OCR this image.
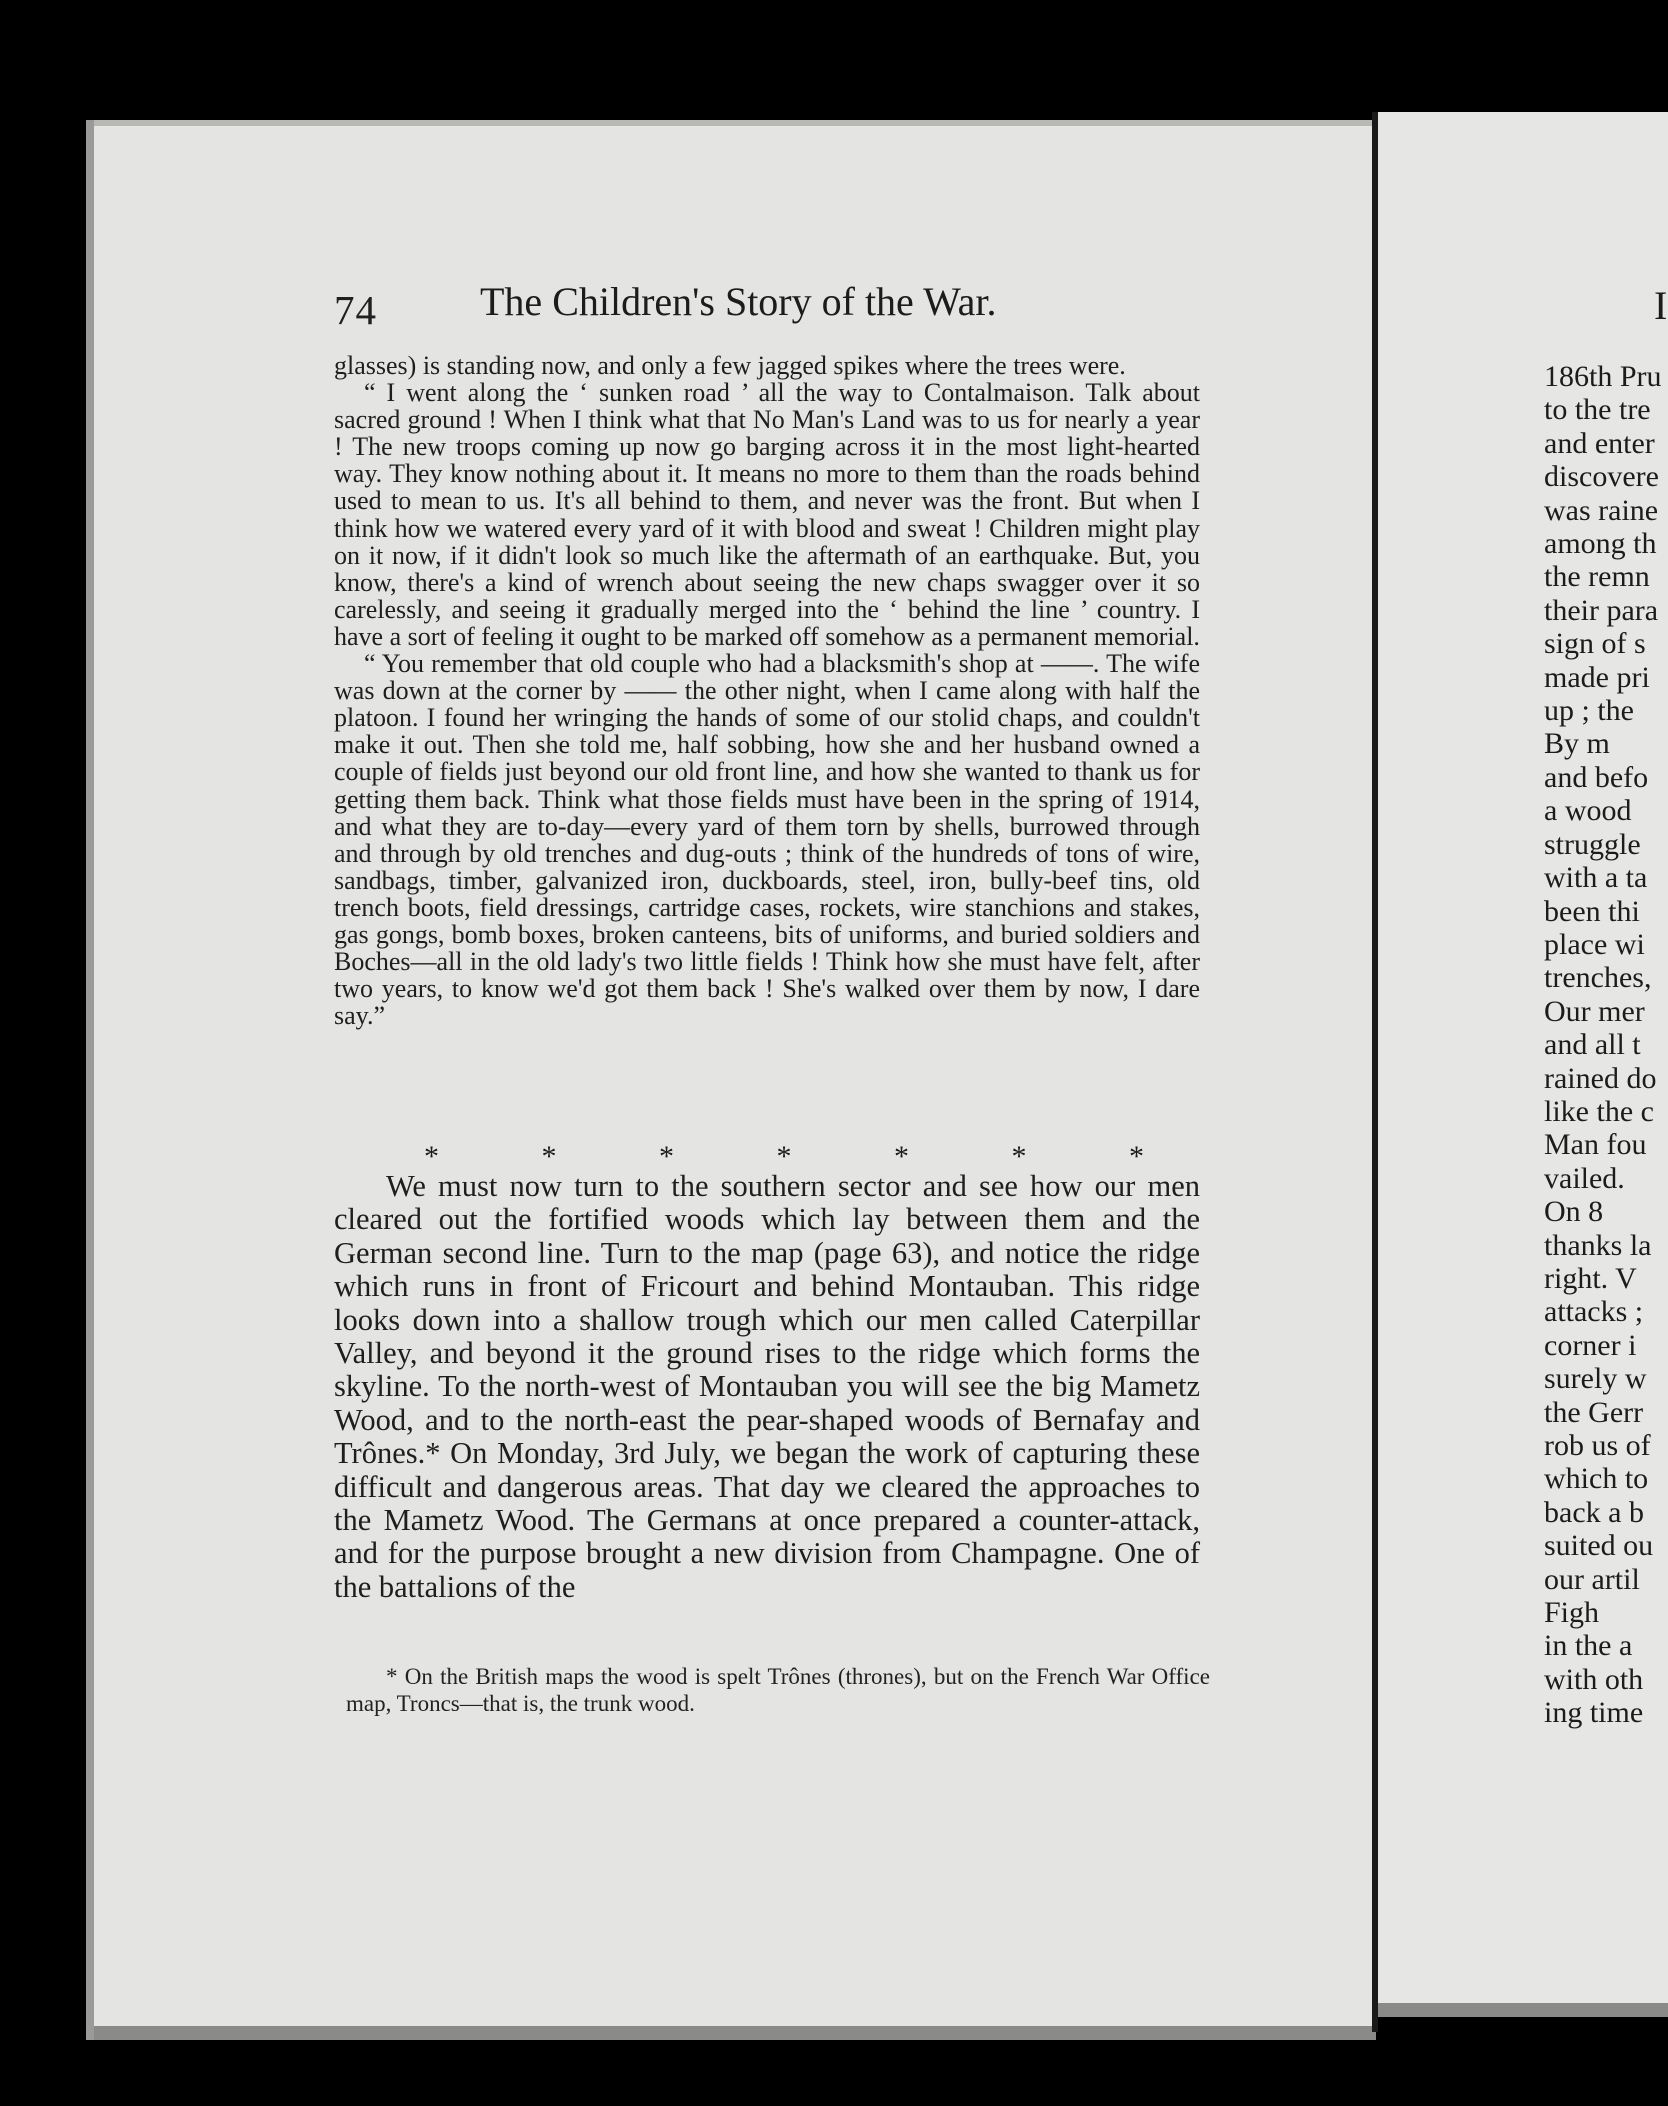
74	The Children's Story of the War.

glasses) is standing now, and only a few jagged spikes where the trees were.

“ I went along the ‘ sunken road ’ all the way to Contalmaison. Talk about sacred ground ! When I think what that No Man's Land was to us for nearly a year ! The new troops coming up now go barging across it in the most light-hearted way. They know nothing about it. It means no more to them than the roads behind used to mean to us. It's all behind to them, and never was the front. But when I think how we watered every yard of it with blood and sweat ! Children might play on it now, if it didn't look so much like the aftermath of an earthquake. But, you know, there's a kind of wrench about seeing the new chaps swagger over it so carelessly, and seeing it gradually merged into the ‘ behind the line ’ country. I have a sort of feeling it ought to be marked off somehow as a permanent memorial.

“ You remember that old couple who had a blacksmith's shop at ——. The wife was down at the corner by —— the other night, when I came along with half the platoon. I found her wringing the hands of some of our stolid chaps, and couldn't make it out. Then she told me, half sobbing, how she and her husband owned a couple of fields just beyond our old front line, and how she wanted to thank us for getting them back. Think what those fields must have been in the spring of 1914, and what they are to-day—every yard of them torn by shells, burrowed through and through by old trenches and dug-outs ; think of the hundreds of tons of wire, sandbags, timber, galvanized iron, duckboards, steel, iron, bully-beef tins, old trench boots, field dressings, cartridge cases, rockets, wire stanchions and stakes, gas gongs, bomb boxes, broken canteens, bits of uniforms, and buried soldiers and Boches—all in the old lady's two little fields ! Think how she must have felt, after two years, to know we'd got them back ! She's walked over them by now, I dare say.”

*	*	*	*	*	*	*

We must now turn to the southern sector and see how our men cleared out the fortified woods which lay between them and the German second line. Turn to the map (page 63), and notice the ridge which runs in front of Fricourt and behind Montauban. This ridge looks down into a shallow trough which our men called Caterpillar Valley, and beyond it the ground rises to the ridge which forms the skyline. To the north-west of Montauban you will see the big Mametz Wood, and to the north-east the pear-shaped woods of Bernafay and Trônes.* On Monday, 3rd July, we began the work of capturing these difficult and dangerous areas. That day we cleared the approaches to the Mametz Wood. The Germans at once prepared a counter-attack, and for the purpose brought a new division from Champagne. One of the battalions of the

* On the British maps the wood is spelt Trônes (thrones), but on the French War Office map, Troncs—that is, the trunk wood.

I
186th Pru
to the tre
and enter
discovere
was raine
among th
the remn
their para
sign of s
made pri
up ; the
By m
and befo
a wood
struggle
with a ta
been thi
place wi
trenches,
Our mer
and all t
rained do
like the c
Man fou
vailed.
On 8
thanks la
right. V
attacks ;
corner i
surely w
the Gerr
rob us of
which to
back a b
suited ou
our artil
Figh
in the a
with oth
ing time
